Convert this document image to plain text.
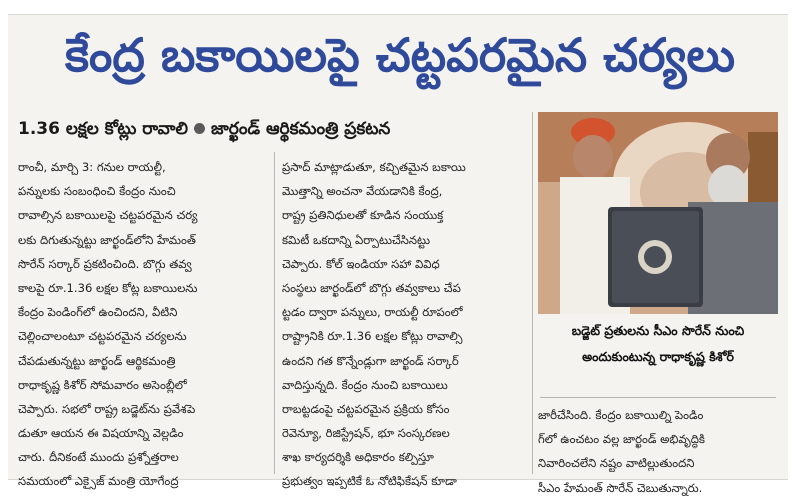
కేంద్ర బకాయిలపై చట్టపరమైన చర్యలు
1.36 లక్షల కోట్లు రావాలి జార్ఖండ్ ఆర్థికమంత్రి ప్రకటన
రాంచీ, మార్చి 3: గనుల రాయల్టీ,
పన్నులకు సంబంధించి కేంద్రం నుంచి
రావాల్సిన బకాయిలపై చట్టపరమైన చర్య
లకు దిగుతున్నట్టు జార్ఖండ్‌లోని హేమంత్
సొరేన్ సర్కార్ ప్రకటించింది. బొగ్గు తవ్వ
కాలపై రూ.1.36 లక్షల కోట్ల బకాయిలను
కేంద్రం పెండింగ్‌లో ఉంచిందని, వీటిని
చెల్లించాలంటూ చట్టపరమైన చర్యలను
చేపడుతున్నట్టు జార్ఖండ్ ఆర్థికమంత్రి
రాధాకృష్ణ కిశోర్ సోమవారం అసెంబ్లీలో
చెప్పారు. సభలో రాష్ట్ర బడ్జెట్‌ను ప్రవేశపె
డుతూ ఆయన ఈ విషయాన్ని వెల్లడిం
చారు. దీనికంటే ముందు ప్రశ్నోత్తరాల
సమయంలో ఎక్సైజ్ మంత్రి యోగేంద్ర
ప్రసాద్ మాట్లాడుతూ, కచ్చితమైన బకాయి
మొత్తాన్ని అంచనా వేయడానికి కేంద్ర,
రాష్ట్ర ప్రతినిధులతో కూడిన సంయుక్త
కమిటీ ఒకదాన్ని ఏర్పాటుచేసినట్టు
చెప్పారు. కోల్ ఇండియా సహా వివిధ
సంస్థలు జార్ఖండ్‌లో బొగ్గు తవ్వకాలు చేప
ట్టడం ద్వారా పన్నులు, రాయల్టీ రూపంలో
రాష్ట్రానికి రూ.1.36 లక్షల కోట్లు రావాల్సి
ఉందని గత కొన్నేండ్లుగా జార్ఖండ్ సర్కార్
వాదిస్తున్నది. కేంద్రం నుంచి బకాయిలు
రాబట్టడంపై చట్టపరమైన ప్రక్రియ కోసం
రెవెన్యూ, రిజిస్ట్రేషన్, భూ సంస్కరణల
శాఖ కార్యదర్శికి అధికారం కల్పిస్తూ
ప్రభుత్వం ఇప్పటికే ఓ నోటిఫికేషన్ కూడా
బడ్జెట్ ప్రతులను సీఎం సొరేన్ నుంచి
అందుకుంటున్న రాధాకృష్ణ కిశోర్
జారీచేసింది. కేంద్రం బకాయిల్ని పెండిం
గ్‌లో ఉంచటం వల్ల జార్ఖండ్ అభివృద్ధికి
నివారించలేని నష్టం వాటిల్లుతుందని
సీఎం హేమంత్ సొరేన్ చెబుతున్నారు.
